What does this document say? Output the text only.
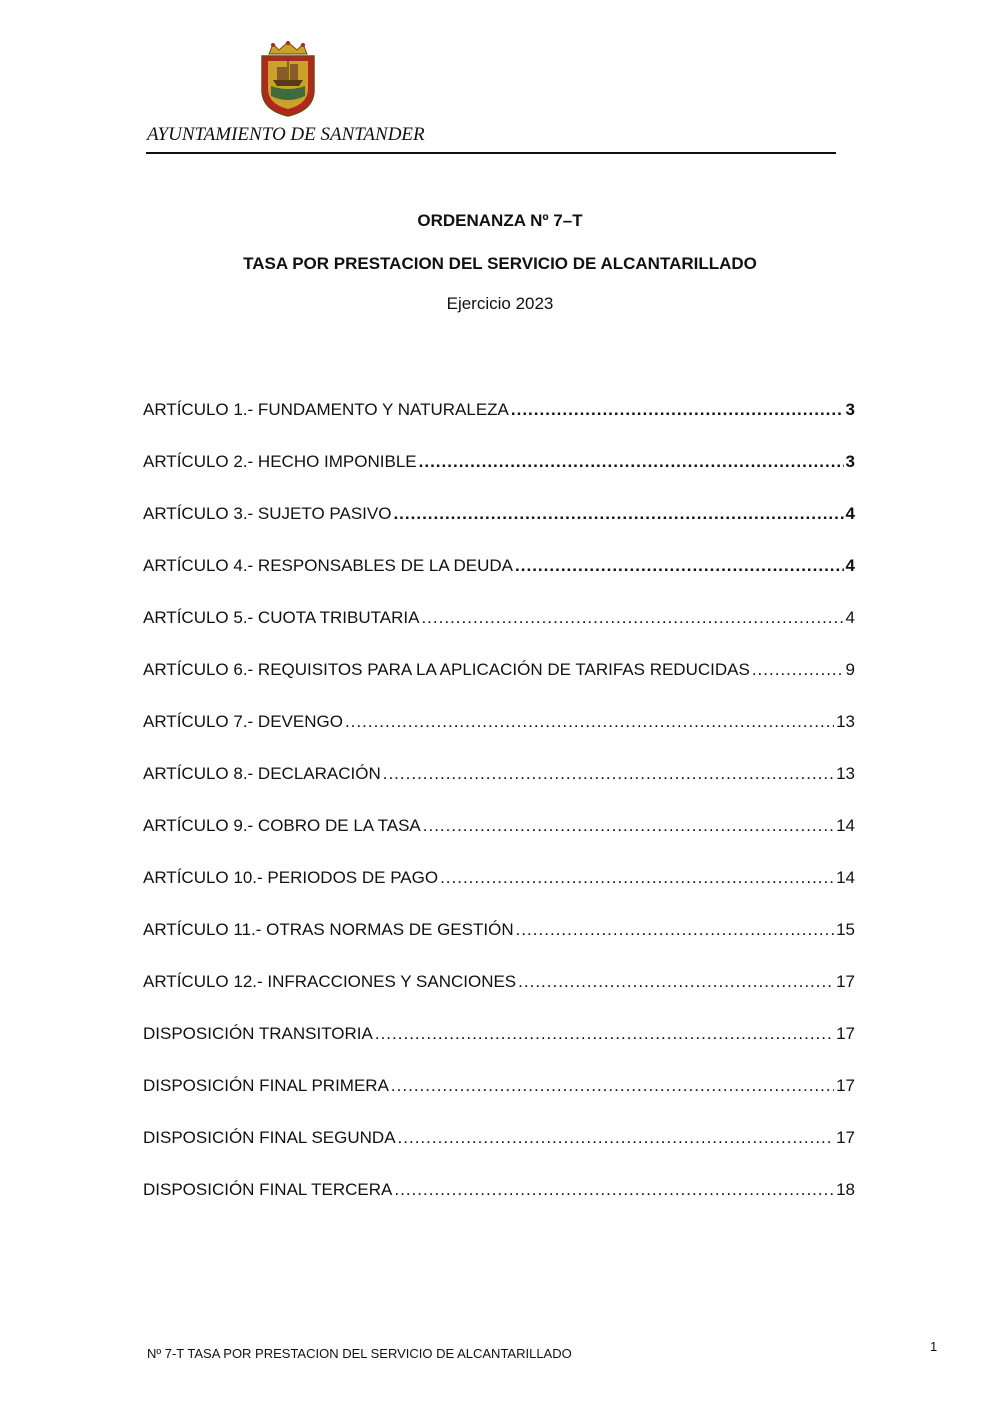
AYUNTAMIENTO DE SANTANDER
ORDENANZA Nº 7–T
TASA POR PRESTACION DEL SERVICIO DE ALCANTARILLADO
Ejercicio 2023
ARTÍCULO 1.- FUNDAMENTO Y NATURALEZA .....	3
ARTÍCULO 2.- HECHO IMPONIBLE .....	3
ARTÍCULO 3.- SUJETO PASIVO .....	4
ARTÍCULO 4.- RESPONSABLES DE LA DEUDA .....	4
ARTÍCULO 5.- CUOTA TRIBUTARIA .....	4
ARTÍCULO 6.- REQUISITOS PARA LA APLICACIÓN DE TARIFAS REDUCIDAS .....	9
ARTÍCULO 7.- DEVENGO .....	13
ARTÍCULO 8.- DECLARACIÓN .....	13
ARTÍCULO 9.- COBRO DE LA TASA .....	14
ARTÍCULO 10.- PERIODOS DE PAGO .....	14
ARTÍCULO 11.- OTRAS NORMAS DE GESTIÓN .....	15
ARTÍCULO 12.- INFRACCIONES Y SANCIONES .....	17
DISPOSICIÓN TRANSITORIA .....	17
DISPOSICIÓN FINAL PRIMERA .....	17
DISPOSICIÓN FINAL SEGUNDA .....	17
DISPOSICIÓN FINAL TERCERA .....	18
Nº 7-T TASA POR PRESTACION DEL SERVICIO DE ALCANTARILLADO	1
